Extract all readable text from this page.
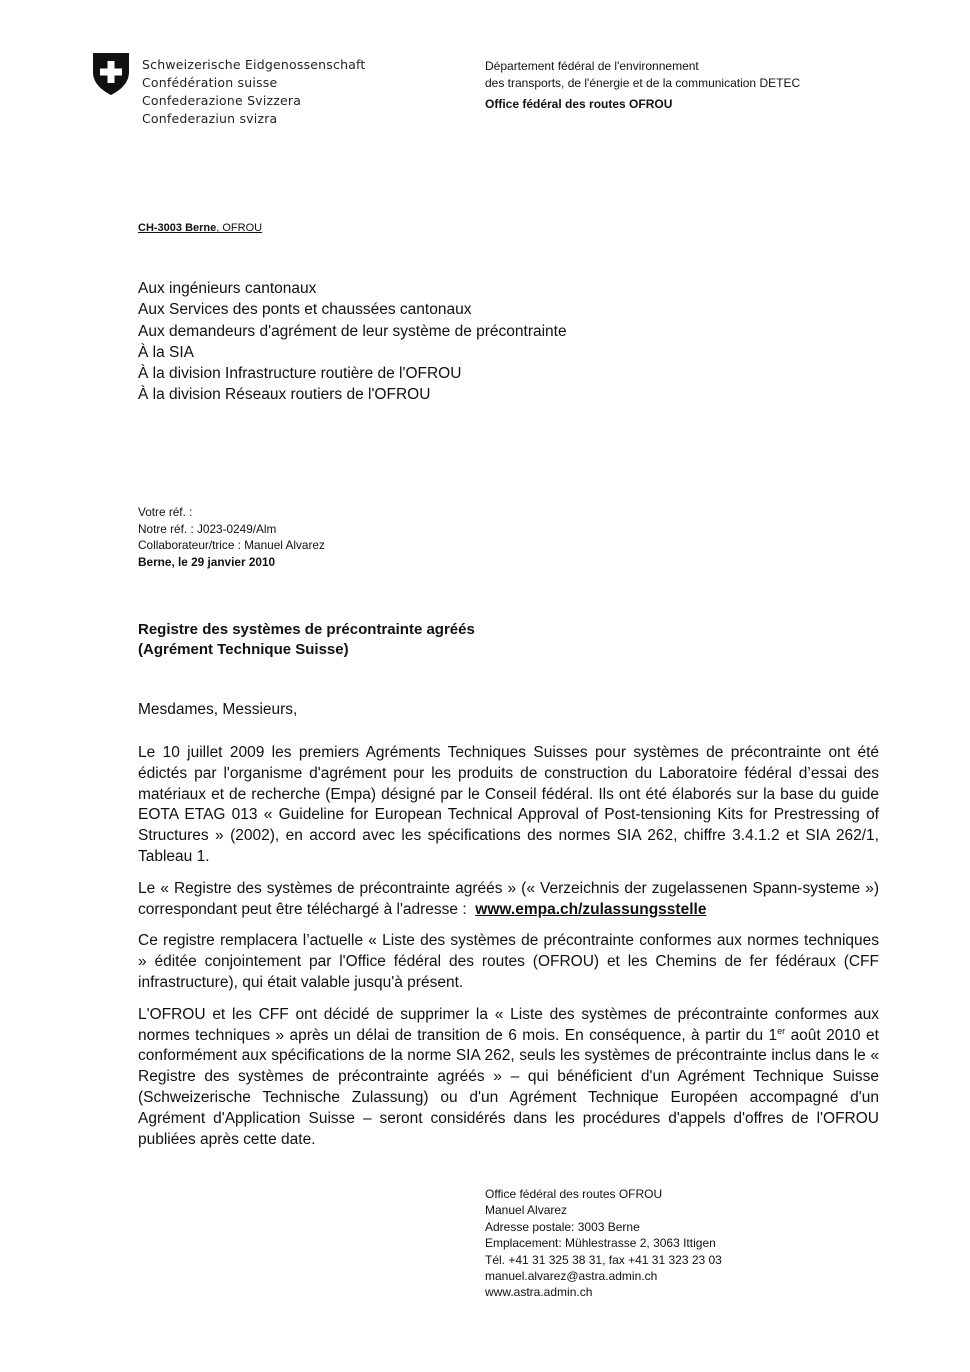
Schweizerische Eidgenossenschaft
Confédération suisse
Confederazione Svizzera
Confederaziun svizra
Département fédéral de l'environnement
des transports, de l'énergie et de la communication DETEC
Office fédéral des routes OFROU
CH-3003 Berne, OFROU
Aux ingénieurs cantonaux
Aux Services des ponts et chaussées cantonaux
Aux demandeurs d'agrément de leur système de précontrainte
À la SIA
À la division Infrastructure routière de l'OFROU
À la division Réseaux routiers de l'OFROU
Votre réf. :
Notre réf. : J023-0249/Alm
Collaborateur/trice : Manuel Alvarez
Berne, le 29 janvier 2010
Registre des systèmes de précontrainte agréés
(Agrément Technique Suisse)
Mesdames, Messieurs,

Le 10 juillet 2009 les premiers Agréments Techniques Suisses pour systèmes de précontrainte ont été édictés par l'organisme d'agrément pour les produits de construction du Laboratoire fédéral d’essai des matériaux et de recherche (Empa) désigné par le Conseil fédéral. Ils ont été élaborés sur la base du guide EOTA ETAG 013 « Guideline for European Technical Approval of Post-tensioning Kits for Prestressing of Structures » (2002), en accord avec les spécifications des normes SIA 262, chiffre 3.4.1.2 et SIA 262/1, Tableau 1.

Le « Registre des systèmes de précontrainte agréés » (« Verzeichnis der zugelassenen Spann-systeme ») correspondant peut être téléchargé à l'adresse : www.empa.ch/zulassungsstelle

Ce registre remplacera l’actuelle « Liste des systèmes de précontrainte conformes aux normes techniques » éditée conjointement par l'Office fédéral des routes (OFROU) et les Chemins de fer fédéraux (CFF infrastructure), qui était valable jusqu'à présent.

L'OFROU et les CFF ont décidé de supprimer la « Liste des systèmes de précontrainte conformes aux normes techniques » après un délai de transition de 6 mois. En conséquence, à partir du 1er août 2010 et conformément aux spécifications de la norme SIA 262, seuls les systèmes de précontrainte inclus dans le « Registre des systèmes de précontrainte agréés » – qui bénéficient d'un Agrément Technique Suisse (Schweizerische Technische Zulassung) ou d'un Agrément Technique Européen accompagné d'un Agrément d'Application Suisse – seront considérés dans les procédures d'appels d'offres de l'OFROU publiées après cette date.

Office fédéral des routes OFROU
Manuel Alvarez
Adresse postale: 3003 Berne
Emplacement: Mühlestrasse 2, 3063 Ittigen
Tél. +41 31 325 38 31, fax +41 31 323 23 03
manuel.alvarez@astra.admin.ch
www.astra.admin.ch
